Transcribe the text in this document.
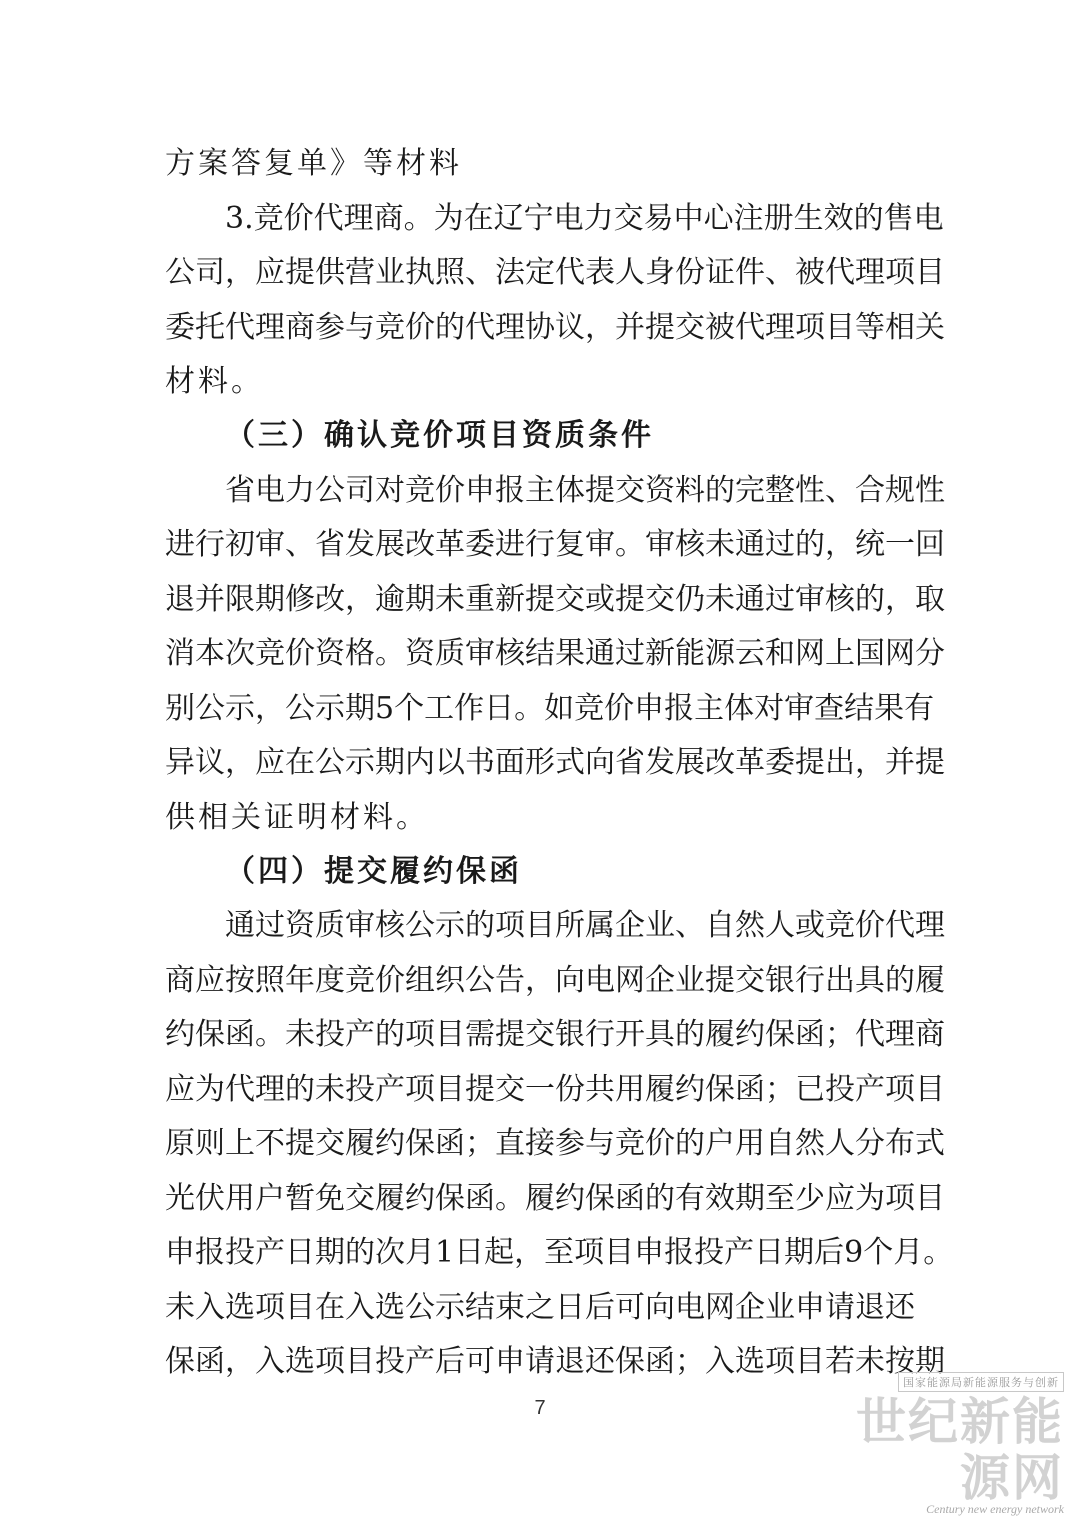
方案答复单》等材料
3. 竞 价 代 理 商 。 为 在 辽 宁 电 力 交 易 中 心 注 册 生 效 的 售 电
公 司 ， 应 提 供 营 业 执 照 、 法 定 代 表 人 身 份 证 件 、 被 代 理 项 目
委 托 代 理 商 参 与 竞 价 的 代 理 协 议 ， 并 提 交 被 代 理 项 目 等 相 关
材料。
（三）确认竞价项目资质条件
省 电 力 公 司 对 竞 价 申 报 主 体 提 交 资 料 的 完 整 性 、 合 规 性
进 行 初 审 、 省 发 展 改 革 委 进 行 复 审 。 审 核 未 通 过 的 ， 统 一 回
退 并 限 期 修 改 ， 逾 期 未 重 新 提 交 或 提 交 仍 未 通 过 审 核 的 ， 取
消 本 次 竞 价 资 格 。 资 质 审 核 结 果 通 过 新 能 源 云 和 网 上 国 网 分
别 公 示 ， 公 示 期 5 个 工 作 日 。 如 竞 价 申 报 主 体 对 审 查 结 果 有
异 议 ， 应 在 公 示 期 内 以 书 面 形 式 向 省 发 展 改 革 委 提 出 ， 并 提
供相关证明材料。
（四）提交履约保函
通 过 资 质 审 核 公 示 的 项 目 所 属 企 业 、 自 然 人 或 竞 价 代 理
商 应 按 照 年 度 竞 价 组 织 公 告 ， 向 电 网 企 业 提 交 银 行 出 具 的 履
约 保 函 。 未 投 产 的 项 目 需 提 交 银 行 开 具 的 履 约 保 函 ； 代 理 商
应 为 代 理 的 未 投 产 项 目 提 交 一 份 共 用 履 约 保 函 ； 已 投 产 项 目
原 则 上 不 提 交 履 约 保 函 ； 直 接 参 与 竞 价 的 户 用 自 然 人 分 布 式
光 伏 用 户 暂 免 交 履 约 保 函 。 履 约 保 函 的 有 效 期 至 少 应 为 项 目
申 报 投 产 日 期 的 次 月 1 日 起 ， 至 项 目 申 报 投 产 日 期 后 9 个 月 。
未 入 选 项 目 在 入 选 公 示 结 束 之 日 后 可 向 电 网 企 业 申 请 退 还
保 函 ， 入 选 项 目 投 产 后 可 申 请 退 还 保 函 ； 入 选 项 目 若 未 按 期
7
国家能源局新能源服务与创新
世纪新能源网
Century new energy network
